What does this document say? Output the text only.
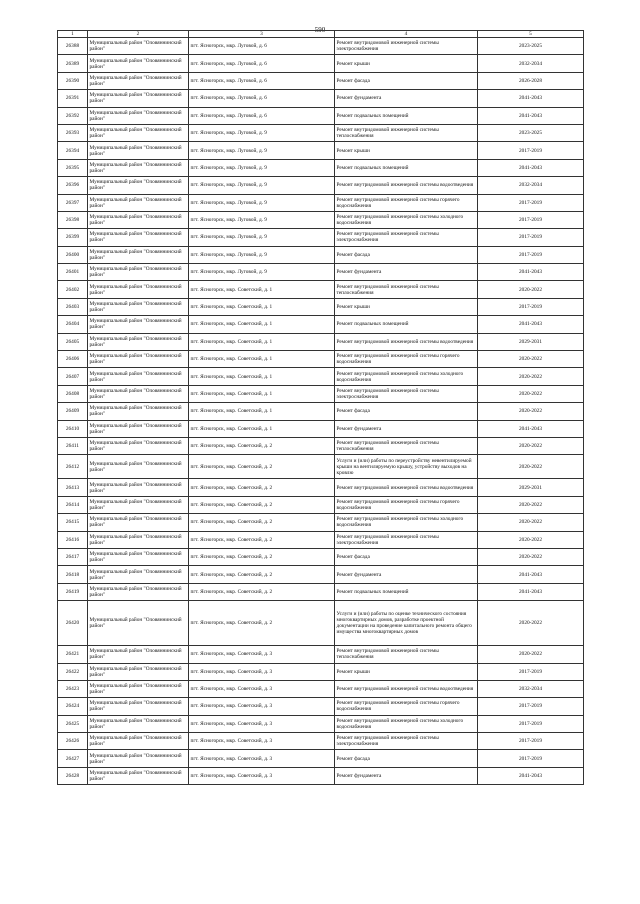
590
1	2	3	4	5
26388	Муниципальный район "Оловяннинский район"	пгт. Ясногорск, мкр. Луговой, д. 6	Ремонт внутридомовой инженерной системы электроснабжения	2023-2025
26389	Муниципальный район "Оловяннинский район"	пгт. Ясногорск, мкр. Луговой, д. 6	Ремонт крыши	2032-2034
26390	Муниципальный район "Оловяннинский район"	пгт. Ясногорск, мкр. Луговой, д. 6	Ремонт фасада	2026-2028
26391	Муниципальный район "Оловяннинский район"	пгт. Ясногорск, мкр. Луговой, д. 6	Ремонт фундамента	2041-2043
26392	Муниципальный район "Оловяннинский район"	пгт. Ясногорск, мкр. Луговой, д. 6	Ремонт подвальных помещений	2041-2043
26393	Муниципальный район "Оловяннинский район"	пгт. Ясногорск, мкр. Луговой, д. 9	Ремонт внутридомовой инженерной системы теплоснабжения	2023-2025
26394	Муниципальный район "Оловяннинский район"	пгт. Ясногорск, мкр. Луговой, д. 9	Ремонт крыши	2017-2019
26395	Муниципальный район "Оловяннинский район"	пгт. Ясногорск, мкр. Луговой, д. 9	Ремонт подвальных помещений	2041-2043
26396	Муниципальный район "Оловяннинский район"	пгт. Ясногорск, мкр. Луговой, д. 9	Ремонт внутридомовой инженерной системы водоотведения	2032-2034
26397	Муниципальный район "Оловяннинский район"	пгт. Ясногорск, мкр. Луговой, д. 9	Ремонт внутридомовой инженерной системы горячего водоснабжения	2017-2019
26398	Муниципальный район "Оловяннинский район"	пгт. Ясногорск, мкр. Луговой, д. 9	Ремонт внутридомовой инженерной системы холодного водоснабжения	2017-2019
26399	Муниципальный район "Оловяннинский район"	пгт. Ясногорск, мкр. Луговой, д. 9	Ремонт внутридомовой инженерной системы электроснабжения	2017-2019
26400	Муниципальный район "Оловяннинский район"	пгт. Ясногорск, мкр. Луговой, д. 9	Ремонт фасада	2017-2019
26401	Муниципальный район "Оловяннинский район"	пгт. Ясногорск, мкр. Луговой, д. 9	Ремонт фундамента	2041-2043
26402	Муниципальный район "Оловяннинский район"	пгт. Ясногорск, мкр. Советский, д. 1	Ремонт внутридомовой инженерной системы теплоснабжения	2020-2022
26403	Муниципальный район "Оловяннинский район"	пгт. Ясногорск, мкр. Советский, д. 1	Ремонт крыши	2017-2019
26404	Муниципальный район "Оловяннинский район"	пгт. Ясногорск, мкр. Советский, д. 1	Ремонт подвальных помещений	2041-2043
26405	Муниципальный район "Оловяннинский район"	пгт. Ясногорск, мкр. Советский, д. 1	Ремонт внутридомовой инженерной системы водоотведения	2029-2031
26406	Муниципальный район "Оловяннинский район"	пгт. Ясногорск, мкр. Советский, д. 1	Ремонт внутридомовой инженерной системы горячего водоснабжения	2020-2022
26407	Муниципальный район "Оловяннинский район"	пгт. Ясногорск, мкр. Советский, д. 1	Ремонт внутридомовой инженерной системы холодного водоснабжения	2020-2022
26408	Муниципальный район "Оловяннинский район"	пгт. Ясногорск, мкр. Советский, д. 1	Ремонт внутридомовой инженерной системы электроснабжения	2020-2022
26409	Муниципальный район "Оловяннинский район"	пгт. Ясногорск, мкр. Советский, д. 1	Ремонт фасада	2020-2022
26410	Муниципальный район "Оловяннинский район"	пгт. Ясногорск, мкр. Советский, д. 1	Ремонт фундамента	2041-2043
26411	Муниципальный район "Оловяннинский район"	пгт. Ясногорск, мкр. Советский, д. 2	Ремонт внутридомовой инженерной системы теплоснабжения	2020-2022
26412	Муниципальный район "Оловяннинский район"	пгт. Ясногорск, мкр. Советский, д. 2	Услуги и (или) работы по переустройству невентилируемой крыши на вентилируемую крышу, устройству выходов на кровлю	2020-2022
26413	Муниципальный район "Оловяннинский район"	пгт. Ясногорск, мкр. Советский, д. 2	Ремонт внутридомовой инженерной системы водоотведения	2029-2031
26414	Муниципальный район "Оловяннинский район"	пгт. Ясногорск, мкр. Советский, д. 2	Ремонт внутридомовой инженерной системы горячего водоснабжения	2020-2022
26415	Муниципальный район "Оловяннинский район"	пгт. Ясногорск, мкр. Советский, д. 2	Ремонт внутридомовой инженерной системы холодного водоснабжения	2020-2022
26416	Муниципальный район "Оловяннинский район"	пгт. Ясногорск, мкр. Советский, д. 2	Ремонт внутридомовой инженерной системы электроснабжения	2020-2022
26417	Муниципальный район "Оловяннинский район"	пгт. Ясногорск, мкр. Советский, д. 2	Ремонт фасада	2020-2022
26418	Муниципальный район "Оловяннинский район"	пгт. Ясногорск, мкр. Советский, д. 2	Ремонт фундамента	2041-2043
26419	Муниципальный район "Оловяннинский район"	пгт. Ясногорск, мкр. Советский, д. 2	Ремонт подвальных помещений	2041-2043
26420	Муниципальный район "Оловяннинский район"	пгт. Ясногорск, мкр. Советский, д. 2	Услуги и (или) работы по оценке технического состояния многоквартирных домов, разработке проектной документации на проведение капитального ремонта общего имущества многоквартирных домов	2020-2022
26421	Муниципальный район "Оловяннинский район"	пгт. Ясногорск, мкр. Советский, д. 3	Ремонт внутридомовой инженерной системы теплоснабжения	2020-2022
26422	Муниципальный район "Оловяннинский район"	пгт. Ясногорск, мкр. Советский, д. 3	Ремонт крыши	2017-2019
26423	Муниципальный район "Оловяннинский район"	пгт. Ясногорск, мкр. Советский, д. 3	Ремонт внутридомовой инженерной системы водоотведения	2032-2034
26424	Муниципальный район "Оловяннинский район"	пгт. Ясногорск, мкр. Советский, д. 3	Ремонт внутридомовой инженерной системы горячего водоснабжения	2017-2019
26425	Муниципальный район "Оловяннинский район"	пгт. Ясногорск, мкр. Советский, д. 3	Ремонт внутридомовой инженерной системы холодного водоснабжения	2017-2019
26426	Муниципальный район "Оловяннинский район"	пгт. Ясногорск, мкр. Советский, д. 3	Ремонт внутридомовой инженерной системы электроснабжения	2017-2019
26427	Муниципальный район "Оловяннинский район"	пгт. Ясногорск, мкр. Советский, д. 3	Ремонт фасада	2017-2019
26428	Муниципальный район "Оловяннинский район"	пгт. Ясногорск, мкр. Советский, д. 3	Ремонт фундамента	2041-2043
